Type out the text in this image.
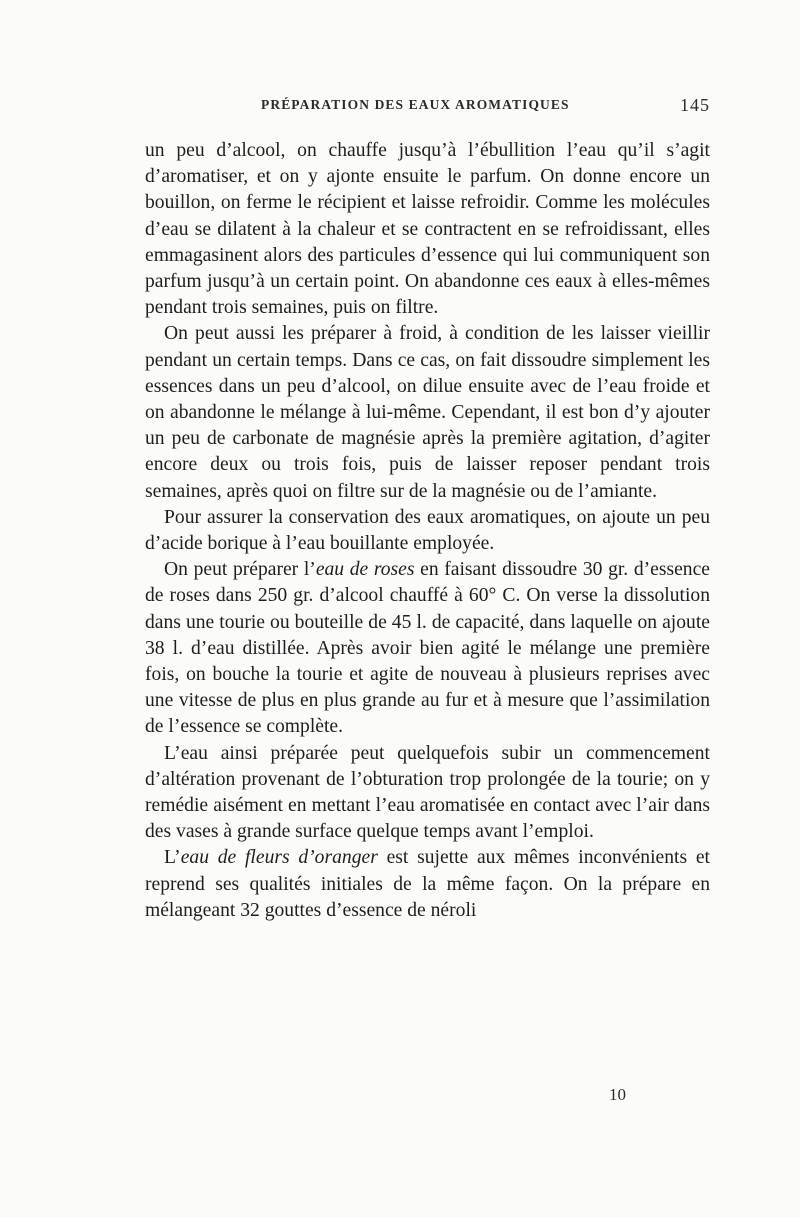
PRÉPARATION DES EAUX AROMATIQUES	145

un peu d’alcool, on chauffe jusqu’à l’ébullition l’eau qu’il s’agit d’aromatiser, et on y ajonte ensuite le parfum. On donne encore un bouillon, on ferme le récipient et laisse refroidir. Comme les molécules d’eau se dilatent à la chaleur et se contractent en se refroidissant, elles emmagasinent alors des particules d’essence qui lui communiquent son parfum jusqu’à un certain point. On abandonne ces eaux à elles-mêmes pendant trois semaines, puis on filtre.

On peut aussi les préparer à froid, à condition de les laisser vieillir pendant un certain temps. Dans ce cas, on fait dissoudre simplement les essences dans un peu d’alcool, on dilue ensuite avec de l’eau froide et on abandonne le mélange à lui-même. Cependant, il est bon d’y ajouter un peu de carbonate de magnésie après la première agitation, d’agiter encore deux ou trois fois, puis de laisser reposer pendant trois semaines, après quoi on filtre sur de la magnésie ou de l’amiante.

Pour assurer la conservation des eaux aromatiques, on ajoute un peu d’acide borique à l’eau bouillante employée.

On peut préparer l’eau de roses en faisant dissoudre 30 gr. d’essence de roses dans 250 gr. d’alcool chauffé à 60° C. On verse la dissolution dans une tourie ou bouteille de 45 l. de capacité, dans laquelle on ajoute 38 l. d’eau distillée. Après avoir bien agité le mélange une première fois, on bouche la tourie et agite de nouveau à plusieurs reprises avec une vitesse de plus en plus grande au fur et à mesure que l’assimilation de l’essence se complète.

L’eau ainsi préparée peut quelquefois subir un commencement d’altération provenant de l’obturation trop prolongée de la tourie; on y remédie aisément en mettant l’eau aromatisée en contact avec l’air dans des vases à grande surface quelque temps avant l’emploi.

L’eau de fleurs d’oranger est sujette aux mêmes inconvénients et reprend ses qualités initiales de la même façon. On la prépare en mélangeant 32 gouttes d’essence de néroli

10
